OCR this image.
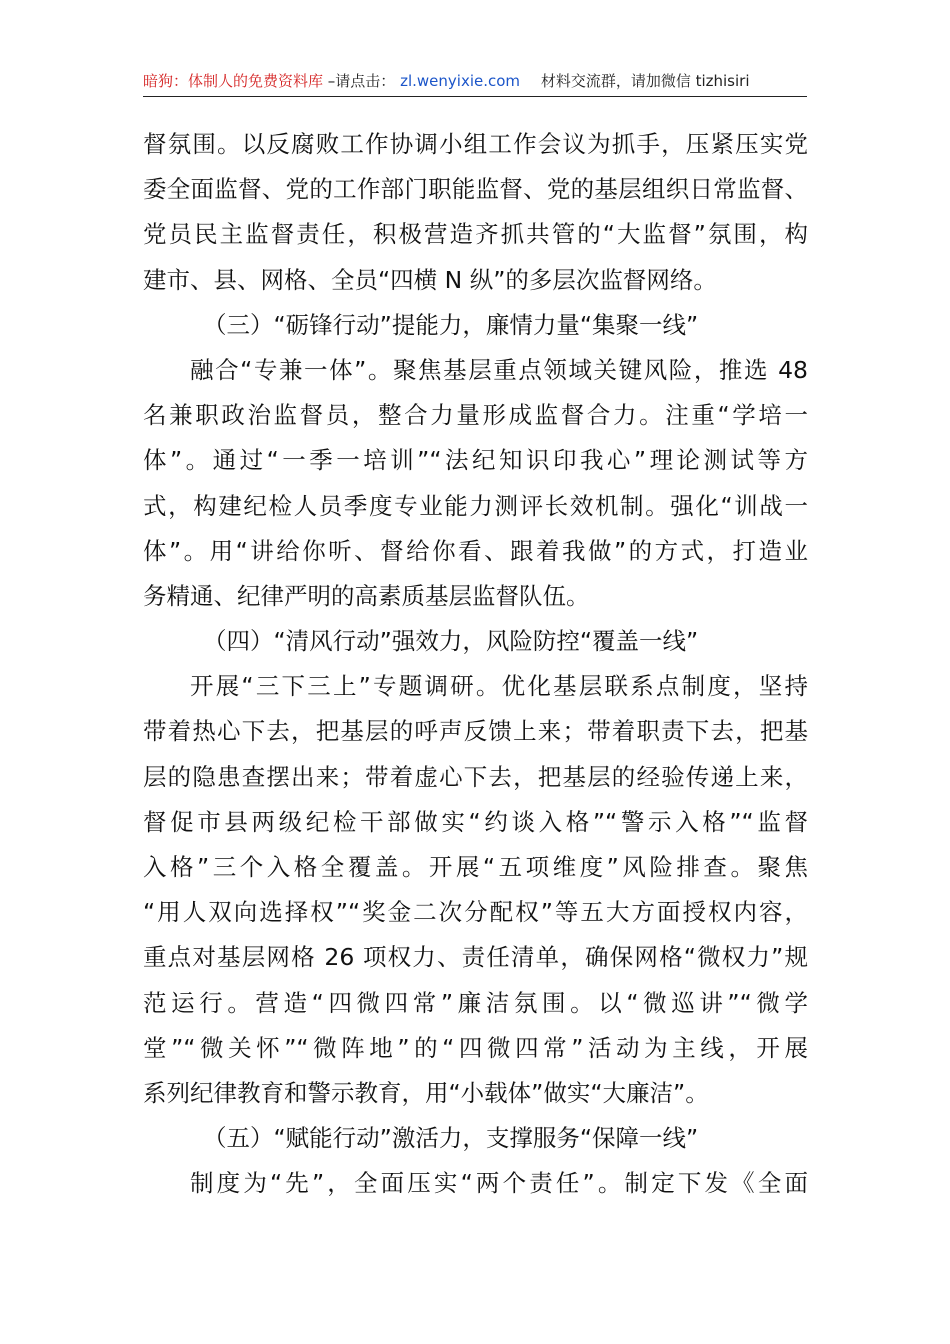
暗狗：体制人的免费资料库 –请点击： zl.wenyixie.com 材料交流群，请加微信 tizhisiri
督氛围。以反腐败工作协调小组工作会议为抓手，压紧压实党
委全面监督、党的工作部门职能监督、党的基层组织日常监督、
党员民主监督责任，积极营造齐抓共管的“大监督”氛围，构
建市、县、网格、全员“四横 N 纵”的多层次监督网络。
（三）“砺锋行动”提能力，廉情力量“集聚一线”
融合“专兼一体”。聚焦基层重点领域关键风险，推选 48
名兼职政治监督员，整合力量形成监督合力。注重“学培一
体”。通过“一季一培训”“法纪知识印我心”理论测试等方
式，构建纪检人员季度专业能力测评长效机制。强化“训战一
体”。用“讲给你听、督给你看、跟着我做”的方式，打造业
务精通、纪律严明的高素质基层监督队伍。
（四）“清风行动”强效力，风险防控“覆盖一线”
开展“三下三上”专题调研。优化基层联系点制度，坚持
带着热心下去，把基层的呼声反馈上来；带着职责下去，把基
层的隐患查摆出来；带着虚心下去，把基层的经验传递上来，
督促市县两级纪检干部做实“约谈入格”“警示入格”“监督
入格”三个入格全覆盖。开展“五项维度”风险排查。聚焦
“用人双向选择权”“奖金二次分配权”等五大方面授权内容，
重点对基层网格 26 项权力、责任清单，确保网格“微权力”规
范运行。营造“四微四常”廉洁氛围。以“微巡讲”“微学
堂”“微关怀”“微阵地”的“四微四常”活动为主线，开展
系列纪律教育和警示教育，用“小载体”做实“大廉洁”。
（五）“赋能行动”激活力，支撑服务“保障一线”
制度为“先”，全面压实“两个责任”。制定下发《全面
